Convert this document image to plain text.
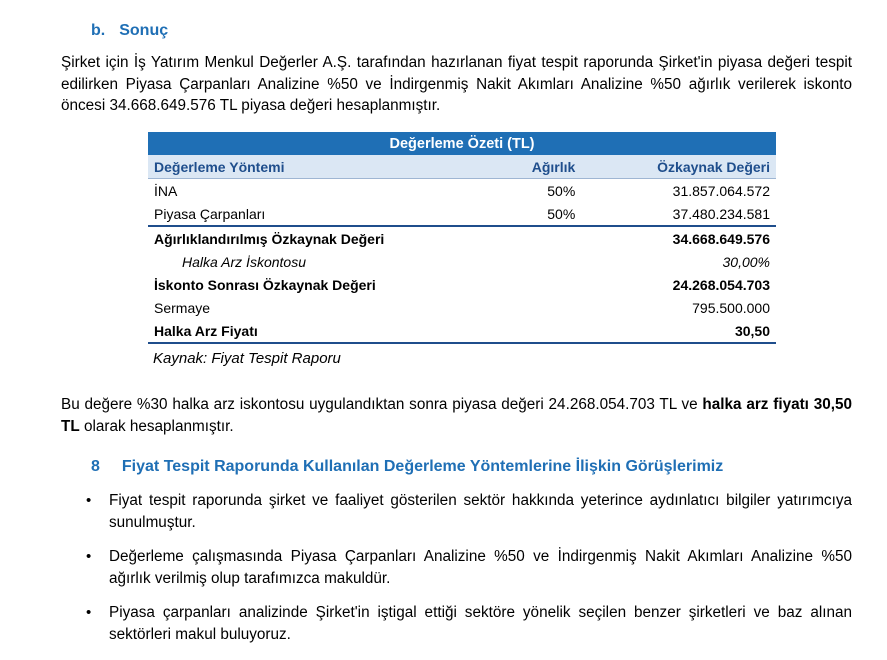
b. Sonuç
Şirket için İş Yatırım Menkul Değerler A.Ş. tarafından hazırlanan fiyat tespit raporunda Şirket'in piyasa değeri tespit edilirken Piyasa Çarpanları Analizine %50 ve İndirgenmiş Nakit Akımları Analizine %50 ağırlık verilerek iskonto öncesi 34.668.649.576 TL piyasa değeri hesaplanmıştır.
Değerleme Özeti (TL)		
Değerleme Yöntemi	Ağırlık	Özkaynak Değeri
İNA	50%	31.857.064.572
Piyasa Çarpanları	50%	37.480.234.581
Ağırlıklandırılmış Özkaynak Değeri		34.668.649.576
Halka Arz İskontosu		30,00%
İskonto Sonrası Özkaynak Değeri		24.268.054.703
Sermaye		795.500.000
Halka Arz Fiyatı		30,50
Kaynak: Fiyat Tespit Raporu
Bu değere %30 halka arz iskontosu uygulandıktan sonra piyasa değeri 24.268.054.703 TL ve halka arz fiyatı 30,50 TL olarak hesaplanmıştır.
8 Fiyat Tespit Raporunda Kullanılan Değerleme Yöntemlerine İlişkin Görüşlerimiz
• Fiyat tespit raporunda şirket ve faaliyet gösterilen sektör hakkında yeterince aydınlatıcı bilgiler yatırımcıya sunulmuştur.
• Değerleme çalışmasında Piyasa Çarpanları Analizine %50 ve İndirgenmiş Nakit Akımları Analizine %50 ağırlık verilmiş olup tarafımızca makuldür.
• Piyasa çarpanları analizinde Şirket'in iştigal ettiği sektöre yönelik seçilen benzer şirketleri ve baz alınan sektörleri makul buluyoruz.
